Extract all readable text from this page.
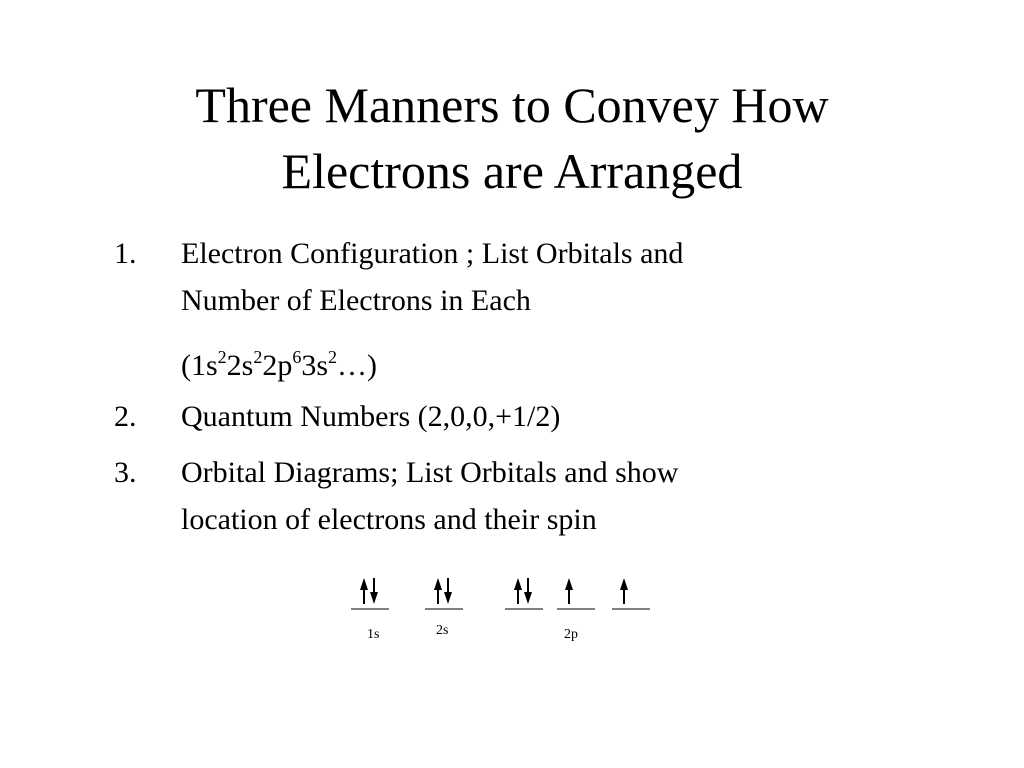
Three Manners to Convey How
Electrons are Arranged
1. Electron Configuration ; List Orbitals and
Number of Electrons in Each
$(1s^22s^22p^63s^2\dots)$
2. Quantum Numbers (2,0,0,+1/2)
3. Orbital Diagrams; List Orbitals and show
location of electrons and their spin
1s	2s	2p
